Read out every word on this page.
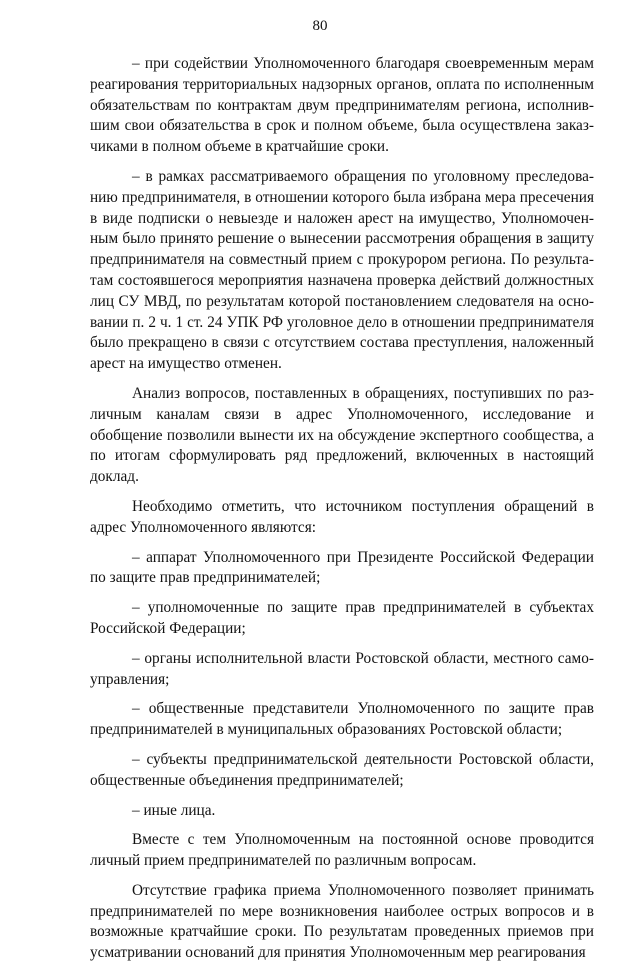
80

– при содействии Уполномоченного благодаря своевременным мерам реагирования территориальных надзорных органов, оплата по исполненным обязательствам по контрактам двум предпринимателям региона, исполнившим свои обязательства в срок и полном объеме, была осуществлена заказчиками в полном объеме в кратчайшие сроки.

– в рамках рассматриваемого обращения по уголовному преследованию предпринимателя, в отношении которого была избрана мера пресечения в виде подписки о невыезде и наложен арест на имущество, Уполномоченным было принято решение о вынесении рассмотрения обращения в защиту предпринимателя на совместный прием с прокурором региона. По результатам состоявшегося мероприятия назначена проверка действий должностных лиц СУ МВД, по результатам которой постановлением следователя на основании п. 2 ч. 1 ст. 24 УПК РФ уголовное дело в отношении предпринимателя было прекращено в связи с отсутствием состава преступления, наложенный арест на имущество отменен.

Анализ вопросов, поставленных в обращениях, поступивших по различным каналам связи в адрес Уполномоченного, исследование и обобщение позволили вынести их на обсуждение экспертного сообщества, а по итогам сформулировать ряд предложений, включенных в настоящий доклад.

Необходимо отметить, что источником поступления обращений в адрес Уполномоченного являются:

– аппарат Уполномоченного при Президенте Российской Федерации по защите прав предпринимателей;

– уполномоченные по защите прав предпринимателей в субъектах Российской Федерации;

– органы исполнительной власти Ростовской области, местного самоуправления;

– общественные представители Уполномоченного по защите прав предпринимателей в муниципальных образованиях Ростовской области;

– субъекты предпринимательской деятельности Ростовской области, общественные объединения предпринимателей;

– иные лица.

Вместе с тем Уполномоченным на постоянной основе проводится личный прием предпринимателей по различным вопросам.

Отсутствие графика приема Уполномоченного позволяет принимать предпринимателей по мере возникновения наиболее острых вопросов и в возможные кратчайшие сроки. По результатам проведенных приемов при усматривании оснований для принятия Уполномоченным мер реагирования
